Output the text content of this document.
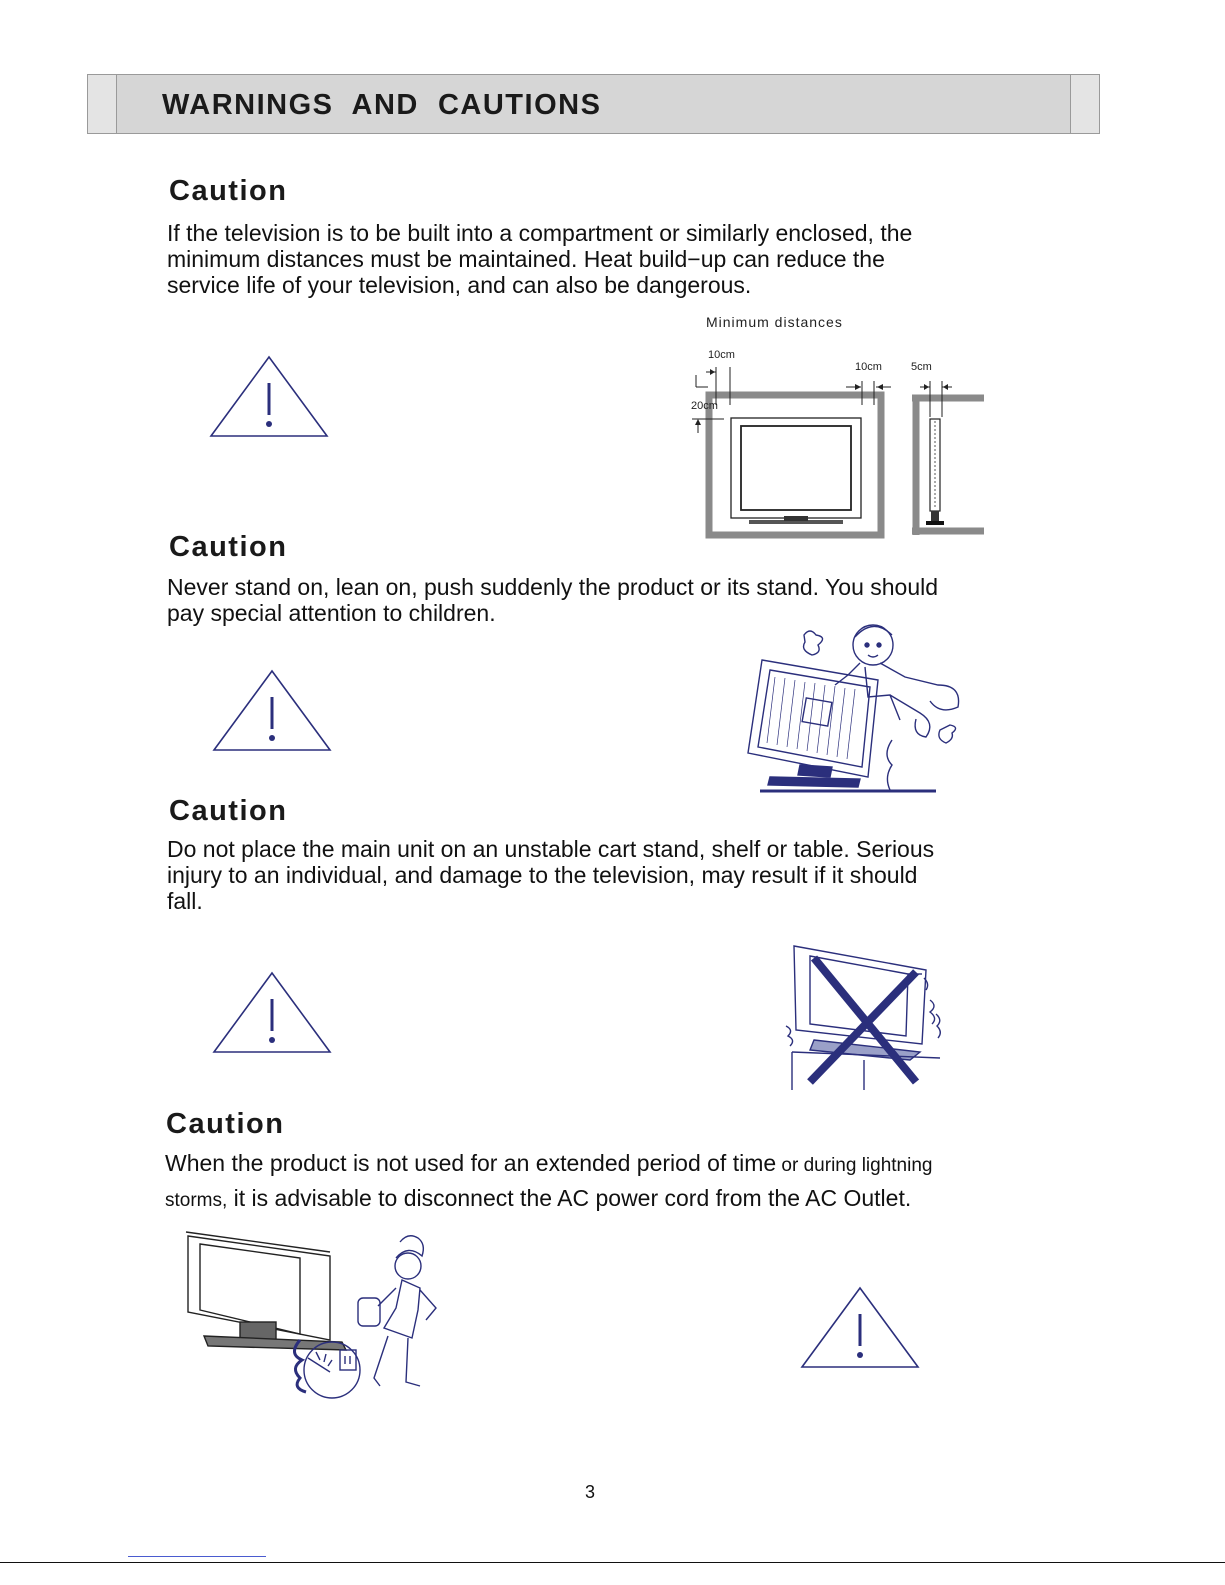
WARNINGS  AND  CAUTIONS
Caution
If the television is to be built into a compartment or similarly enclosed, the
minimum distances must be maintained. Heat build−up can reduce the
service life of your television, and can also be dangerous.
Minimum distances
10cm
10cm	5cm
20cm
Caution
Never stand on, lean on, push suddenly the product or its stand. You should
pay special attention to children.
Caution
Do not place the main unit on an unstable cart stand, shelf or table. Serious
injury to an individual, and damage to the television, may result if it should
fall.
Caution
When the product is not used for an extended period of time or during lightning
storms, it is advisable to disconnect the AC power cord from the AC Outlet.
3
